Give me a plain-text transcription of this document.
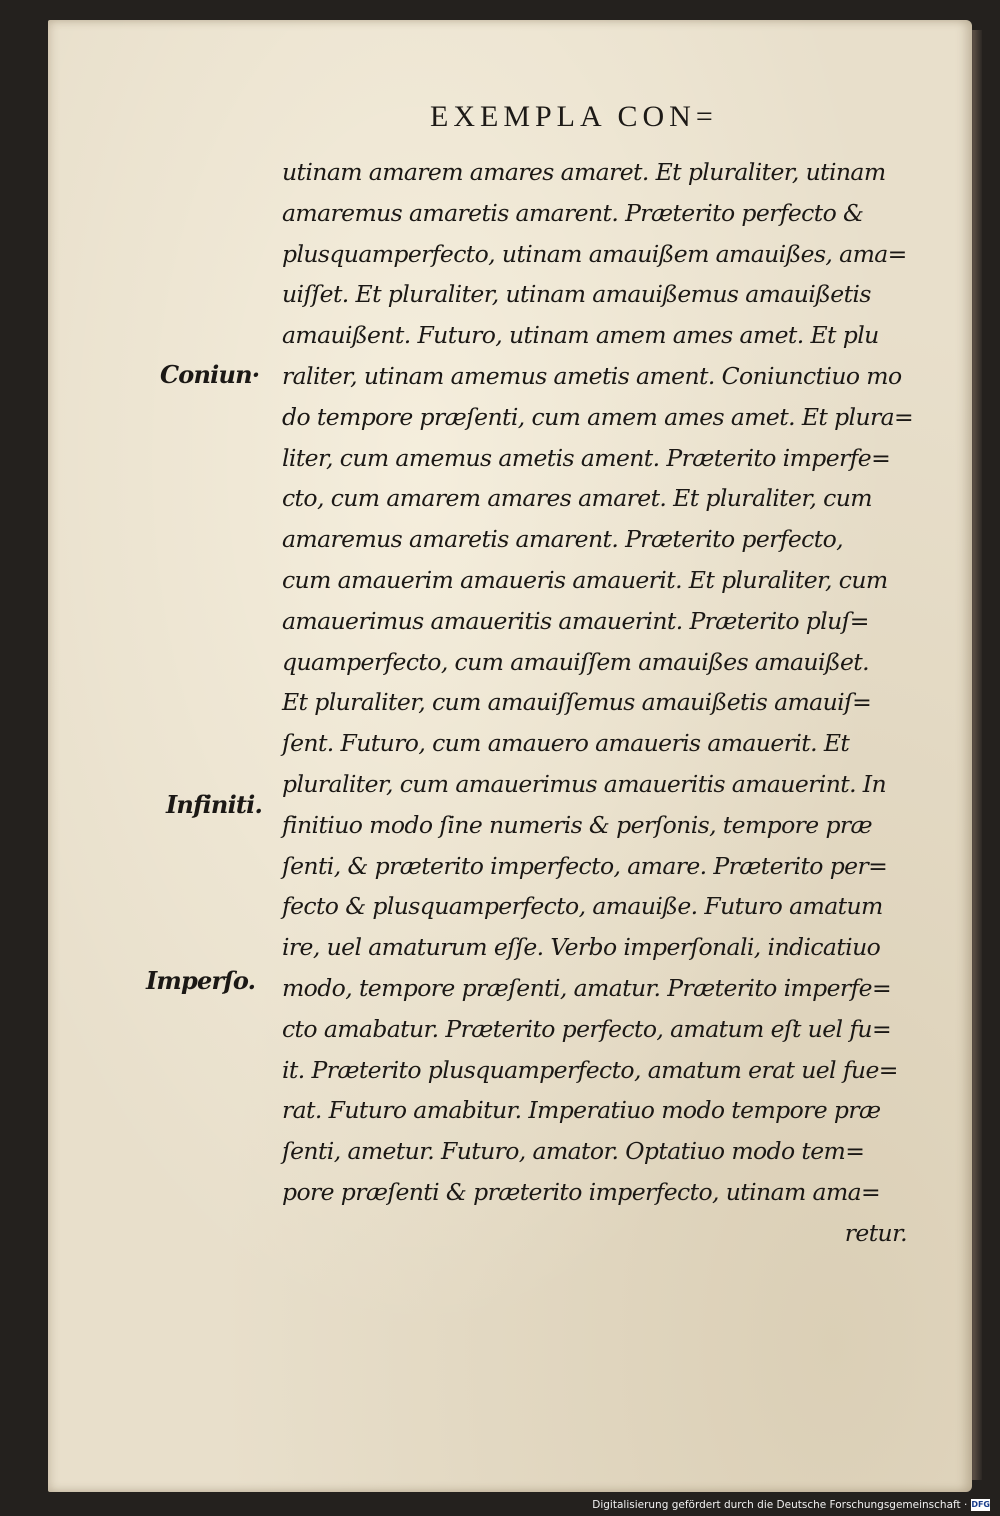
EXEMPLA CON=
Coniun·
Infiniti.
Imperſo.
utinam amarem amares amaret. Et pluraliter, utinam
amaremus amaretis amarent. Præterito perfecto &
plusquamperfecto, utinam amauißem amauißes, ama=
uiſſet. Et pluraliter, utinam amauißemus amauißetis
amauißent. Futuro, utinam amem ames amet. Et plu
raliter, utinam amemus ametis ament. Coniunctiuo mo
do tempore præſenti, cum amem ames amet. Et plura=
liter, cum amemus ametis ament. Præterito imperfe=
cto, cum amarem amares amaret. Et pluraliter, cum
amaremus amaretis amarent. Præterito perfecto,
cum amauerim amaueris amauerit. Et pluraliter, cum
amauerimus amaueritis amauerint. Præterito pluſ=
quamperfecto, cum amauiſſem amauißes amauißet.
Et pluraliter, cum amauiſſemus amauißetis amauiſ=
ſent. Futuro, cum amauero amaueris amauerit. Et
pluraliter, cum amauerimus amaueritis amauerint. In
finitiuo modo ſine numeris & perſonis, tempore præ
ſenti, & præterito imperfecto, amare. Præterito per=
fecto & plusquamperfecto, amauiße. Futuro amatum
ire, uel amaturum eſſe. Verbo imperſonali, indicatiuo
modo, tempore præſenti, amatur. Præterito imperfe=
cto amabatur. Præterito perfecto, amatum eſt uel fu=
it. Præterito plusquamperfecto, amatum erat uel fue=
rat. Futuro amabitur. Imperatiuo modo tempore præ
ſenti, ametur. Futuro, amator. Optatiuo modo tem=
pore præſenti & præterito imperfecto, utinam ama=
retur.
Digitalisierung gefördert durch die Deutsche Forschungsgemeinschaft · DFG
